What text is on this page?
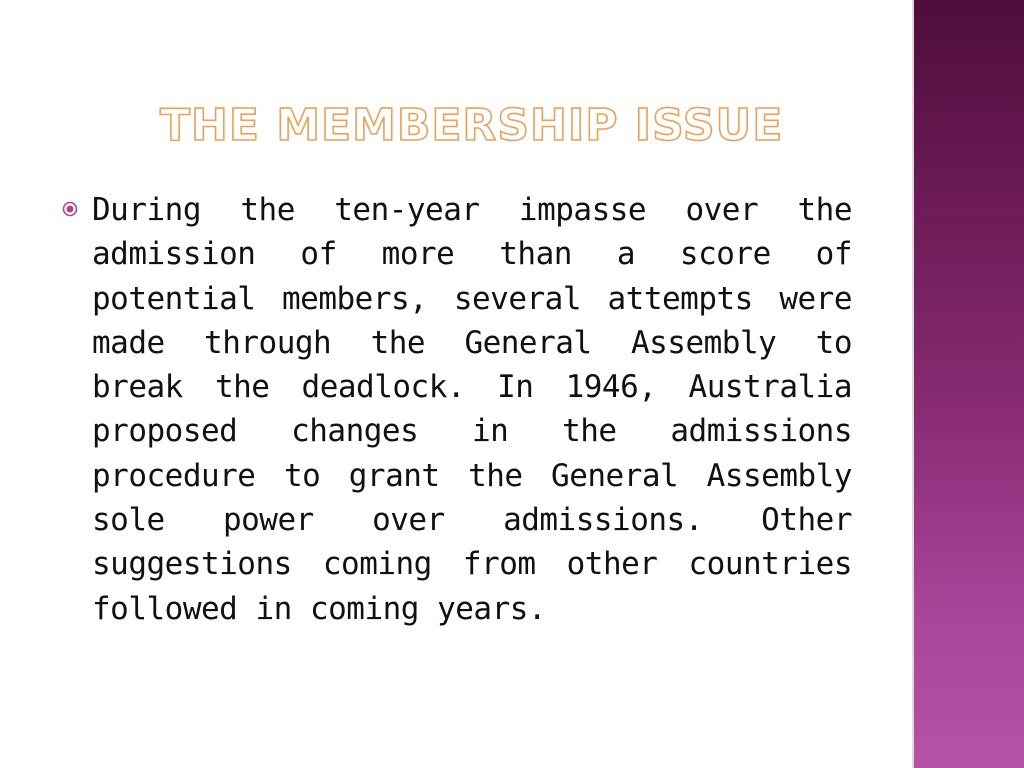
THE MEMBERSHIP ISSUE

During the ten-year impasse over the admission of more than a score of potential members, several attempts were made through the General Assembly to break the deadlock. In 1946, Australia proposed changes in the admissions procedure to grant the General Assembly sole power over admissions. Other suggestions coming from other countries followed in coming years.
